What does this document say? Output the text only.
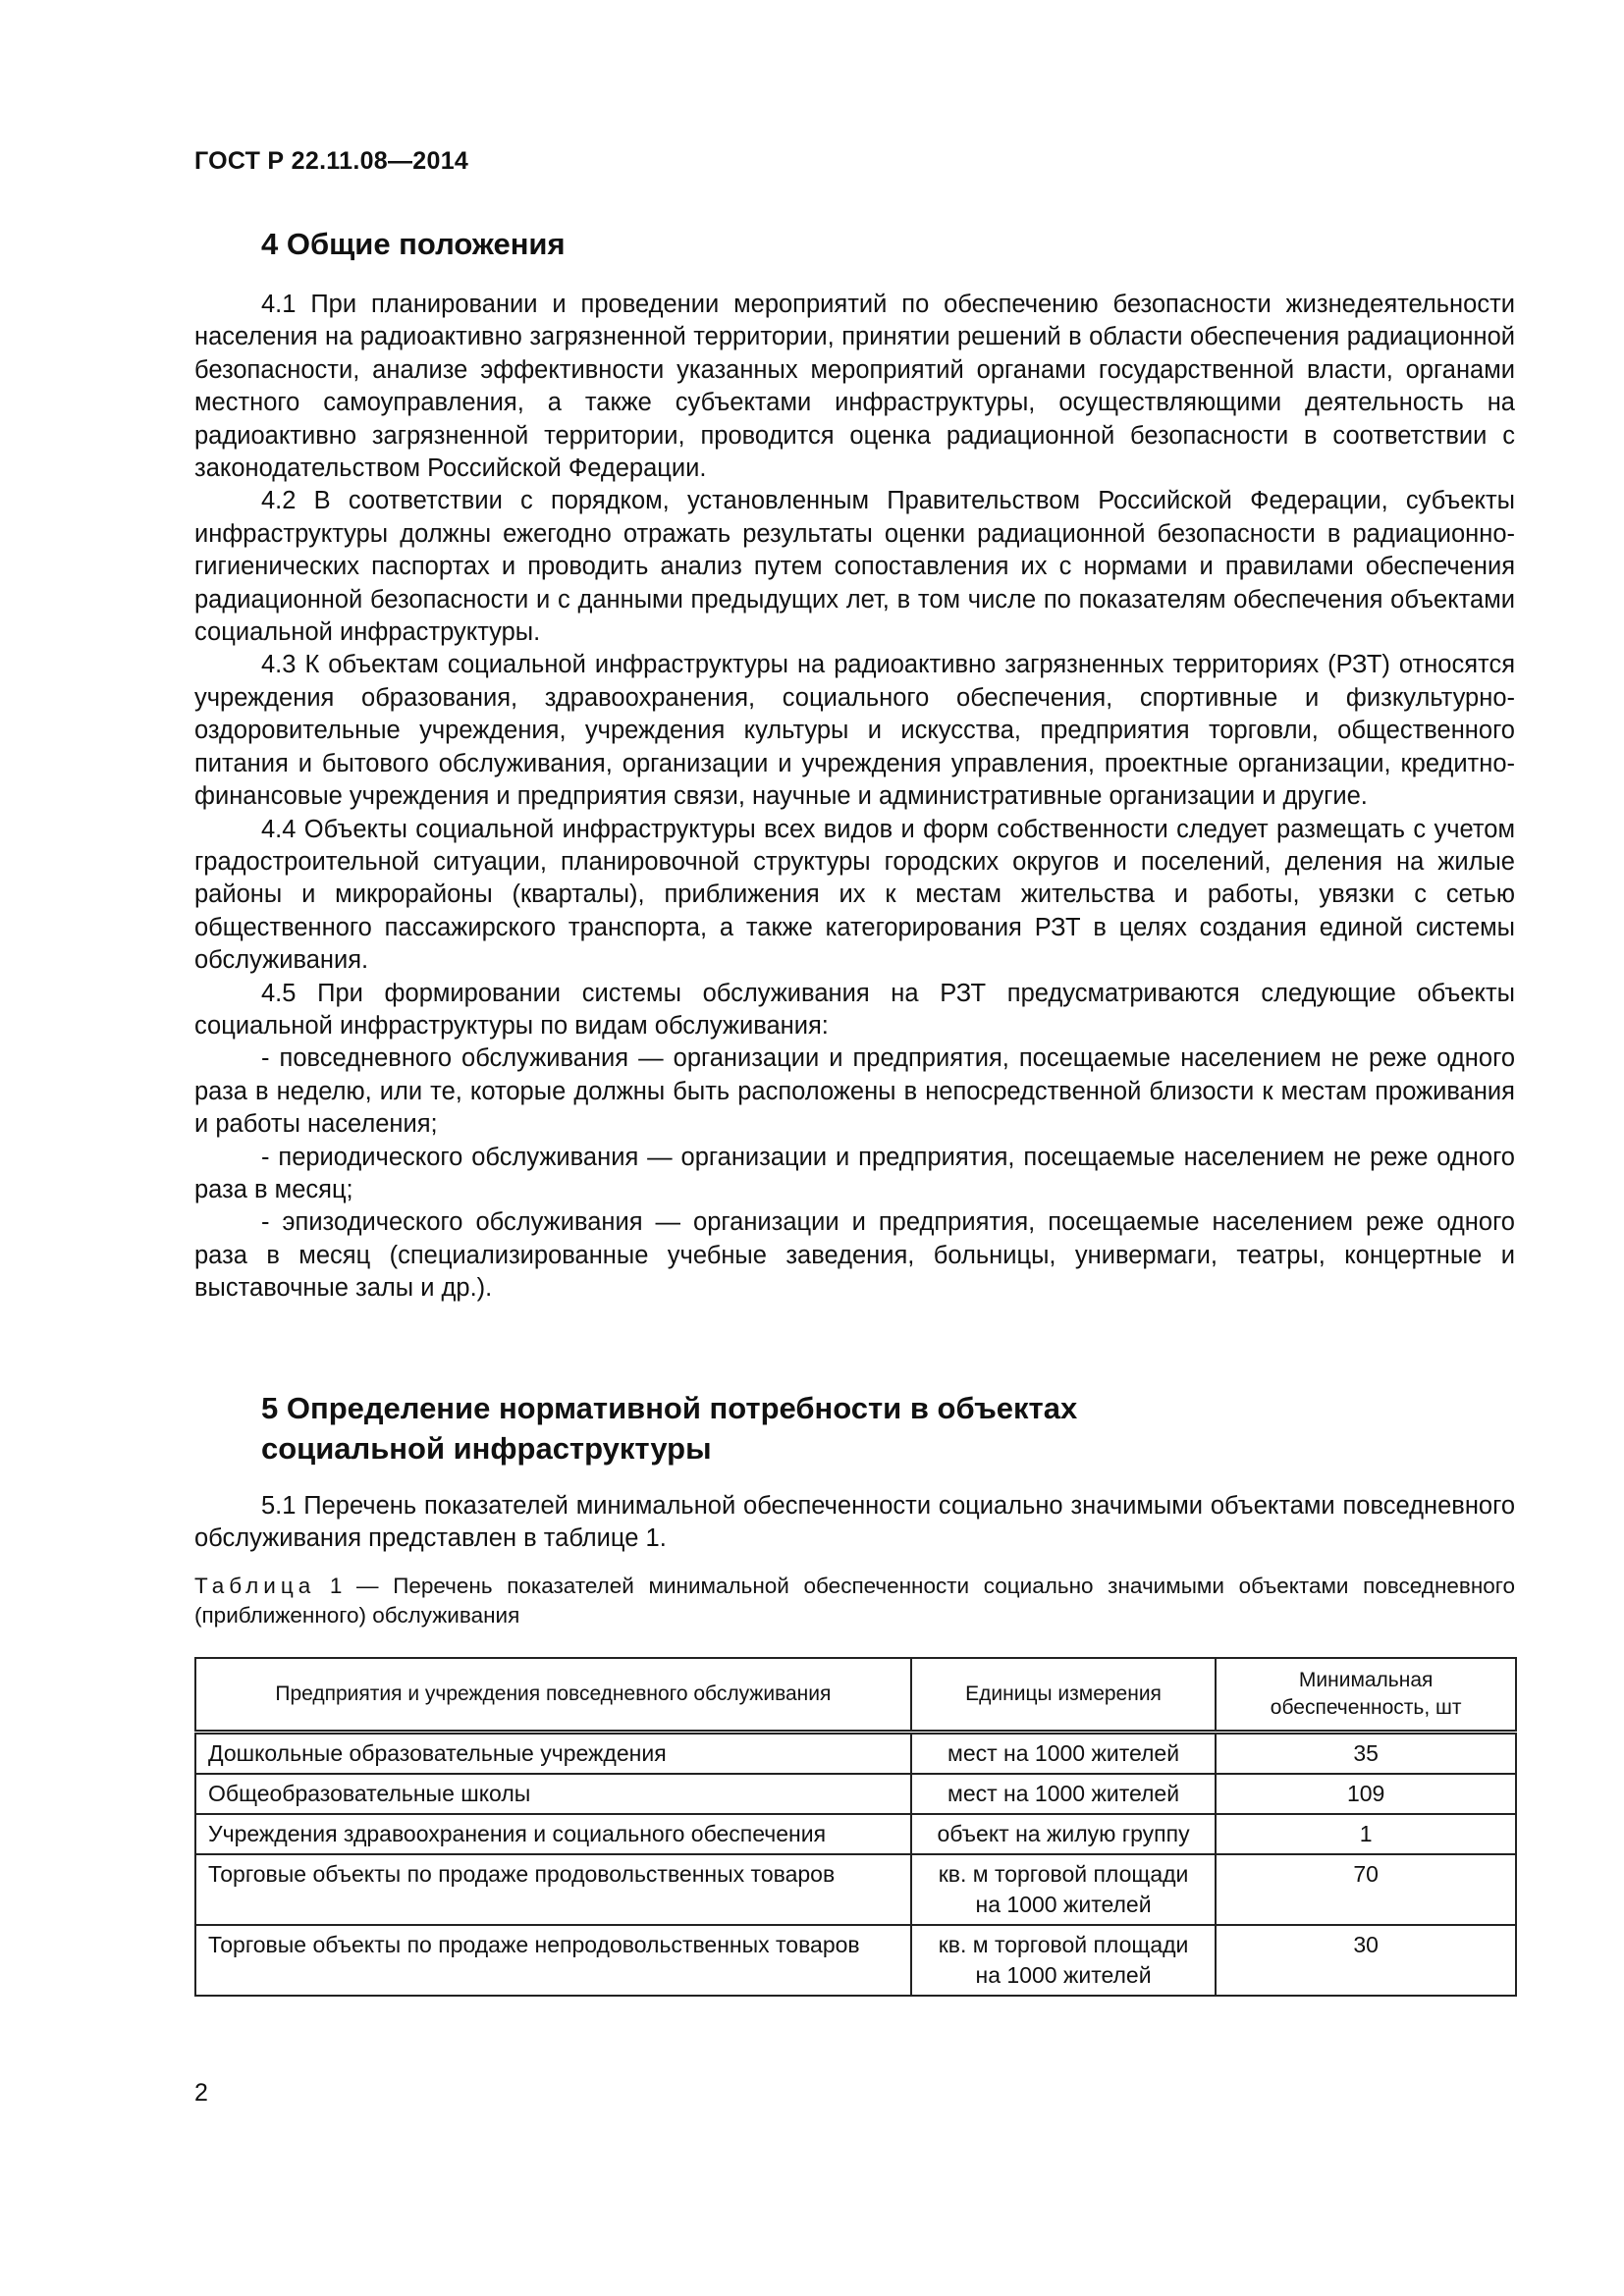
ГОСТ Р 22.11.08—2014
4 Общие положения

4.1 При планировании и проведении мероприятий по обеспечению безопасности жизнедеятельности населения на радиоактивно загрязненной территории, принятии решений в области обеспечения радиационной безопасности, анализе эффективности указанных мероприятий органами государственной власти, органами местного самоуправления, а также субъектами инфраструктуры, осуществляющими деятельность на радиоактивно загрязненной территории, проводится оценка радиационной безопасности в соответствии с законодательством Российской Федерации.

4.2 В соответствии с порядком, установленным Правительством Российской Федерации, субъекты инфраструктуры должны ежегодно отражать результаты оценки радиационной безопасности в радиационно-гигиенических паспортах и проводить анализ путем сопоставления их с нормами и правилами обеспечения радиационной безопасности и с данными предыдущих лет, в том числе по показателям обеспечения объектами социальной инфраструктуры.

4.3 К объектам социальной инфраструктуры на радиоактивно загрязненных территориях (РЗТ) относятся учреждения образования, здравоохранения, социального обеспечения, спортивные и физкультурно-оздоровительные учреждения, учреждения культуры и искусства, предприятия торговли, общественного питания и бытового обслуживания, организации и учреждения управления, проектные организации, кредитно-финансовые учреждения и предприятия связи, научные и административные организации и другие.

4.4 Объекты социальной инфраструктуры всех видов и форм собственности следует размещать с учетом градостроительной ситуации, планировочной структуры городских округов и поселений, деления на жилые районы и микрорайоны (кварталы), приближения их к местам жительства и работы, увязки с сетью общественного пассажирского транспорта, а также категорирования РЗТ в целях создания единой системы обслуживания.

4.5 При формировании системы обслуживания на РЗТ предусматриваются следующие объекты социальной инфраструктуры по видам обслуживания:

- повседневного обслуживания — организации и предприятия, посещаемые населением не реже одного раза в неделю, или те, которые должны быть расположены в непосредственной близости к местам проживания и работы населения;

- периодического обслуживания — организации и предприятия, посещаемые населением не реже одного раза в месяц;

- эпизодического обслуживания — организации и предприятия, посещаемые населением реже одного раза в месяц (специализированные учебные заведения, больницы, универмаги, театры, концертные и выставочные залы и др.).

5 Определение нормативной потребности в объектах
социальной инфраструктуры

5.1 Перечень показателей минимальной обеспеченности социально значимыми объектами повседневного обслуживания представлен в таблице 1.

Таблица 1 — Перечень показателей минимальной обеспеченности социально значимыми объектами повседневного (приближенного) обслуживания
Предприятия и учреждения повседневного обслуживания	Единицы измерения	Минимальная обеспеченность, шт
Дошкольные образовательные учреждения	мест на 1000 жителей	35
Общеобразовательные школы	мест на 1000 жителей	109
Учреждения здравоохранения и социального обеспечения	объект на жилую группу	1
Торговые объекты по продаже продовольственных товаров	кв. м торговой площади на 1000 жителей	70
Торговые объекты по продаже непродовольственных товаров	кв. м торговой площади на 1000 жителей	30
2
